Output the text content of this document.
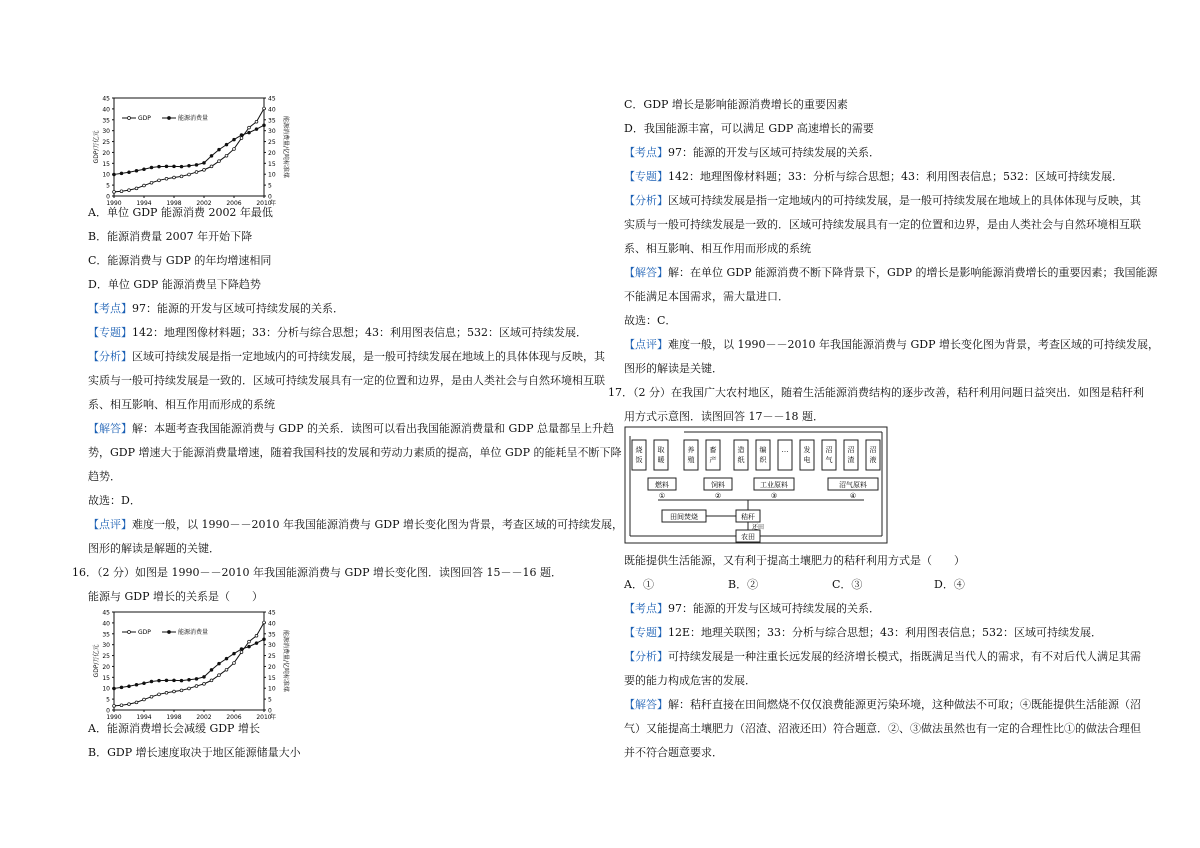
0
5
10
15
20
25
30
35
40
45
0
5
10
15
20
25
30
35
40
45
1990 1994 1998 2002 2006 2010
年
GDP/万亿元	能源消费量/亿吨标准煤
GDP	能源消费量
A．单位 GDP 能源消费 2002 年最低
B．能源消费量 2007 年开始下降
C．能源消费与 GDP 的年均增速相同
D．单位 GDP 能源消费呈下降趋势
【考点】97：能源的开发与区域可持续发展的关系．
【专题】142：地理图像材料题；33：分析与综合思想；43：利用图表信息；532：区域可持续发展．
【分析】区域可持续发展是指一定地域内的可持续发展，是一般可持续发展在地域上的具体体现与反映，其
实质与一般可持续发展是一致的．区域可持续发展具有一定的位置和边界，是由人类社会与自然环境相互联
系、相互影响、相互作用而形成的系统
【解答】解：本题考查我国能源消费与 GDP 的关系．读图可以看出我国能源消费量和 GDP 总量都呈上升趋
势，GDP 增速大于能源消费量增速，随着我国科技的发展和劳动力素质的提高，单位 GDP 的能耗呈不断下降
趋势．
故选：D．
【点评】难度一般，以 1990－－2010 年我国能源消费与 GDP 增长变化图为背景，考查区域的可持续发展，
图形的解读是解题的关键．
16．（2 分）如图是 1990－－2010 年我国能源消费与 GDP 增长变化图．读图回答 15－－16 题．
能源与 GDP 增长的关系是（　　）
0
5
10
15
20
25
30
35
40
45
0
5
10
15
20
25
30
35
40
45
1990 1994 1998 2002 2006 2010
年
GDP/万亿元	能源消费量/亿吨标准煤
GDP	能源消费量
A．能源消费增长会减缓 GDP 增长
B．GDP 增长速度取决于地区能源储量大小
C．GDP 增长是影响能源消费增长的重要因素
D．我国能源丰富，可以满足 GDP 高速增长的需要
【考点】97：能源的开发与区域可持续发展的关系．
【专题】142：地理图像材料题；33：分析与综合思想；43：利用图表信息；532：区域可持续发展．
【分析】区域可持续发展是指一定地域内的可持续发展，是一般可持续发展在地域上的具体体现与反映，其
实质与一般可持续发展是一致的．区域可持续发展具有一定的位置和边界，是由人类社会与自然环境相互联
系、相互影响、相互作用而形成的系统
【解答】解：在单位 GDP 能源消费不断下降背景下，GDP 的增长是影响能源消费增长的重要因素；我国能源
不能满足本国需求，需大量进口．
故选：C．
【点评】难度一般，以 1990－－2010 年我国能源消费与 GDP 增长变化图为背景，考查区域的可持续发展，
图形的解读是关键．
17．（2 分）在我国广大农村地区，随着生活能源消费结构的逐步改善，秸秆利用问题日益突出．如图是秸秆利
用方式示意图．读图回答 17－－18 题．
烧
饭
取
暖
养
殖
畜
产
造
纸
编
织
… 发
电
沼
气
沼
渣
沼
液
燃料
①
饲料
②
工业原料
③
沼气原料
④
田间焚烧	秸秆
还田
农田
既能提供生活能源，又有利于提高土壤肥力的秸秆利用方式是（　　）
A．①	B．②	C．③	D．④
【考点】97：能源的开发与区域可持续发展的关系．
【专题】12E：地理关联图；33：分析与综合思想；43：利用图表信息；532：区域可持续发展．
【分析】可持续发展是一种注重长远发展的经济增长模式，指既满足当代人的需求，有不对后代人满足其需
要的能力构成危害的发展．
【解答】解：秸秆直接在田间燃烧不仅仅浪费能源更污染环境，这种做法不可取；④既能提供生活能源（沼
气）又能提高土壤肥力（沼渣、沼液还田）符合题意．②、③做法虽然也有一定的合理性比①的做法合理但
并不符合题意要求．
